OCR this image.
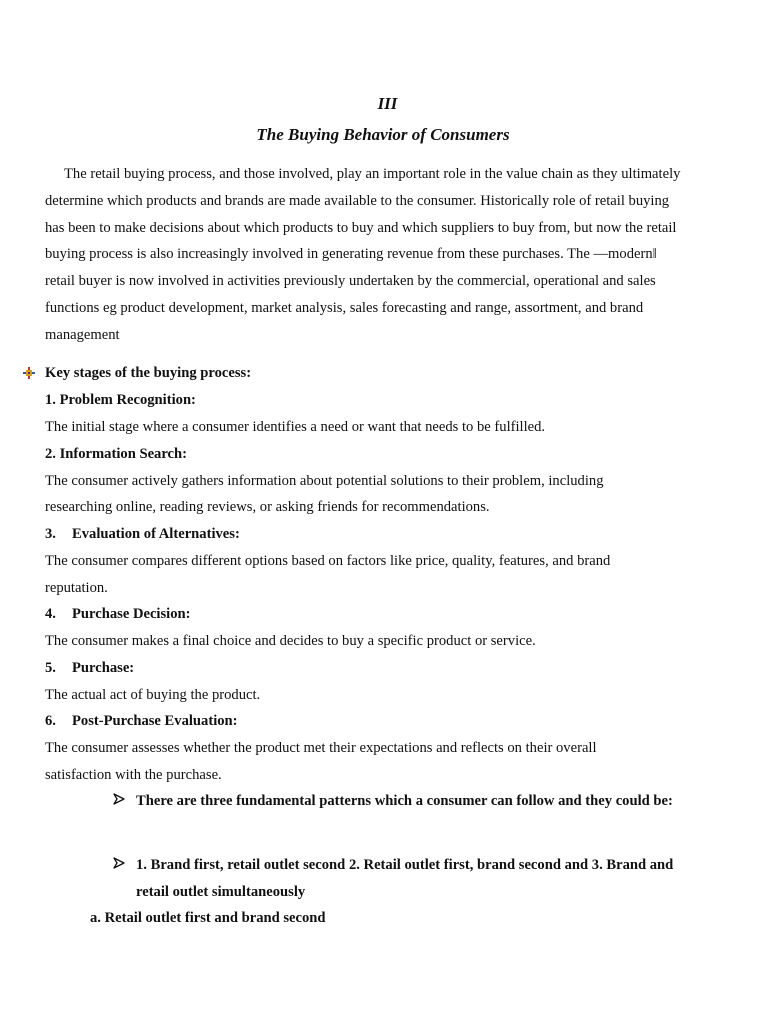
III
The Buying Behavior of Consumers

The retail buying process, and those involved, play an important role in the value chain as they ultimately determine which products and brands are made available to the consumer. Historically role of retail buying has been to make decisions about which products to buy and which suppliers to buy from, but now the retail buying process is also increasingly involved in generating revenue from these purchases. The —modern‖ retail buyer is now involved in activities previously undertaken by the commercial, operational and sales functions eg product development, market analysis, sales forecasting and range, assortment, and brand management

Key stages of the buying process:

1. Problem Recognition:

The initial stage where a consumer identifies a need or want that needs to be fulfilled.

2. Information Search:

The consumer actively gathers information about potential solutions to their problem, including

researching online, reading reviews, or asking friends for recommendations.

3. Evaluation of Alternatives:

The consumer compares different options based on factors like price, quality, features, and brand

reputation.

4. Purchase Decision:

The consumer makes a final choice and decides to buy a specific product or service.

5. Purchase:

The actual act of buying the product.

6. Post-Purchase Evaluation:

The consumer assesses whether the product met their expectations and reflects on their overall

satisfaction with the purchase.

There are three fundamental patterns which a consumer can follow and they could be:

1. Brand first, retail outlet second 2. Retail outlet first, brand second and 3. Brand and retail outlet simultaneously

a. Retail outlet first and brand second
